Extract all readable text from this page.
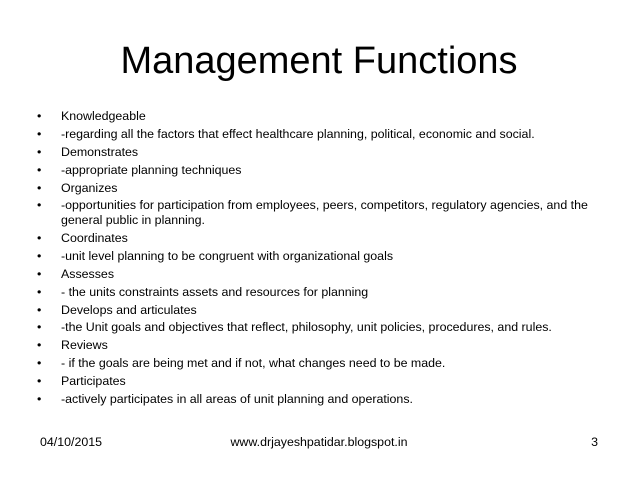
Management Functions
•	Knowledgeable
•	-regarding all the factors that effect healthcare planning, political, economic and social.
•	Demonstrates
•	-appropriate planning techniques
•	Organizes
•	-opportunities for participation from employees, peers, competitors, regulatory agencies, and the general public in planning.
•	Coordinates
•	-unit level planning to be congruent with organizational goals
•	Assesses
•	- the units constraints assets and resources for planning
•	Develops and articulates
•	-the Unit goals and objectives that reflect, philosophy, unit policies, procedures, and rules.
•	Reviews
•	- if the goals are being met and if not, what changes need to be made.
•	Participates
•	-actively participates in all areas of unit planning and operations.
04/10/2015	www.drjayeshpatidar.blogspot.in	3
